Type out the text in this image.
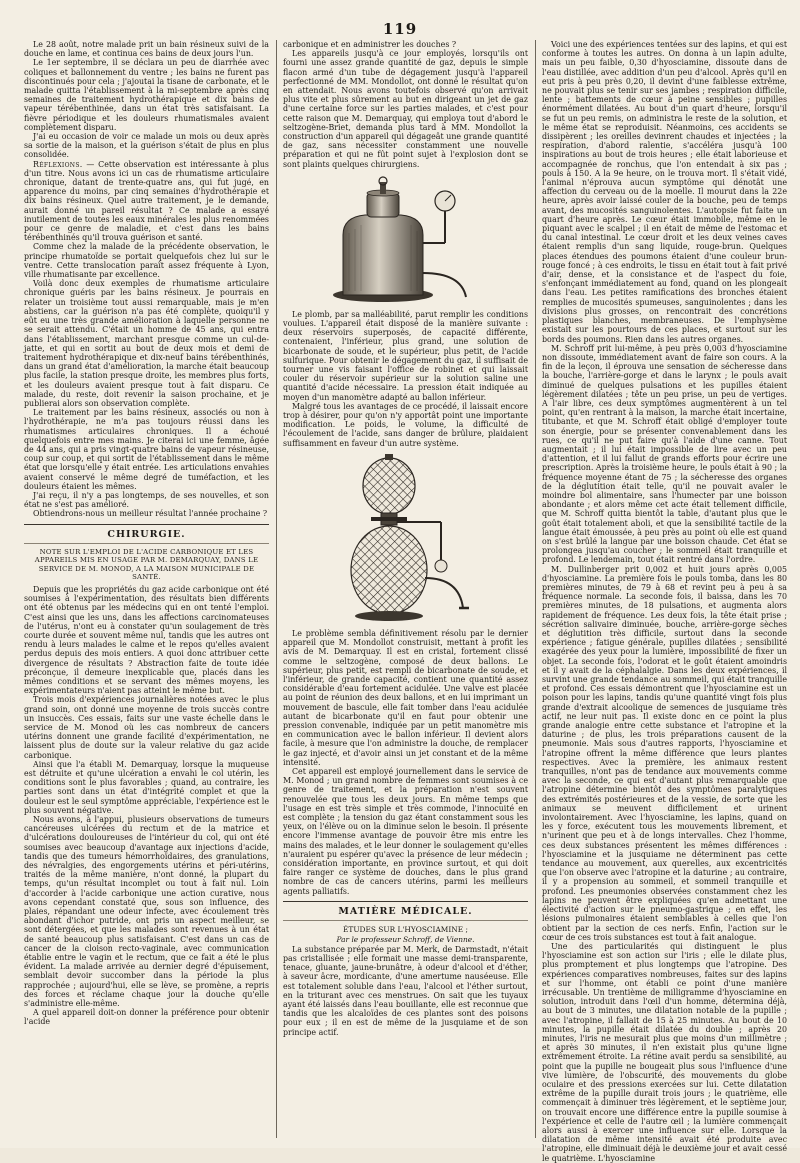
119

Le 28 août, notre malade prit un bain résineux suivi de la douche en lame, et continua ces bains de deux jours l'un.

Le 1er septembre, il se déclara un peu de diarrhée avec coliques et ballonnement du ventre ; les bains ne furent pas discontinués pour cela ; j'ajoutai la tisane de carbonate, et le malade quitta l'établissement à la mi-septembre après cinq semaines de traitement hydrothérapique et dix bains de vapeur térébenthinée, dans un état très satisfaisant. La fièvre périodique et les douleurs rhumatismales avaient complètement disparu.

J'ai eu occasion de voir ce malade un mois ou deux après sa sortie de la maison, et la guérison s'était de plus en plus consolidée.

Réflexions. — Cette observation est intéressante à plus d'un titre. Nous avons ici un cas de rhumatisme articulaire chronique, datant de trente-quatre ans, qui fut jugé, en apparence du moins, par cinq semaines d'hydrothérapie et dix bains résineux. Quel autre traitement, je le demande, aurait donné un pareil résultat ? Ce malade a essayé inutilement de toutes les eaux minérales les plus renommées pour ce genre de maladie, et c'est dans les bains térébenthinés qu'il trouva guérison et santé.

Comme chez la malade de la précédente observation, le principe rhumatoïde se portait quelquefois chez lui sur le ventre. Cette translocation paraît assez fréquente à Lyon, ville rhumatisante par excellence.

Voilà donc deux exemples de rhumatisme articulaire chronique guéris par les bains résineux. Je pourrais en relater un troisième tout aussi remarquable, mais je m'en abstiens, car la guérison n'a pas été complète, quoiqu'il y eût eu une très grande amélioration à laquelle personne ne se serait attendu. C'était un homme de 45 ans, qui entra dans l'établissement, marchant presque comme un cul-de-jatte, et qui en sortit au bout de deux mois et demi de traitement hydrothérapique et dix-neuf bains térébenthinés, dans un grand état d'amélioration, la marche était beaucoup plus facile, la station presque droite, les membres plus forts, et les douleurs avaient presque tout à fait disparu. Ce malade, du reste, doit revenir la saison prochaine, et je publierai alors son observation complète.

Le traitement par les bains résineux, associés ou non à l'hydrothérapie, ne m'a pas toujours réussi dans les rhumatismes articulaires chroniques. Il a échoué quelquefois entre mes mains. Je citerai ici une femme, âgée de 44 ans, qui a pris vingt-quatre bains de vapeur résineuse, coup sur coup, et qui sortit de l'établissement dans le même état que lorsqu'elle y était entrée. Les articulations envahies avaient conservé le même degré de tuméfaction, et les douleurs étaient les mêmes.

J'ai reçu, il n'y a pas longtemps, de ses nouvelles, et son état ne s'est pas amélioré.

Obtiendrons-nous un meilleur résultat l'année prochaine ?

CHIRURGIE.
NOTE SUR L'EMPLOI DE L'ACIDE CARBONIQUE ET LES APPAREILS MIS EN USAGE PAR M. DEMARQUAY, DANS LE SERVICE DE M. MONOD, A LA MAISON MUNICIPALE DE SANTÉ.

Depuis que les propriétés du gaz acide carbonique ont été soumises à l'expérimentation, des résultats bien différents ont été obtenus par les médecins qui en ont tenté l'emploi. C'est ainsi que les uns, dans les affections carcinomateuses de l'utérus, n'ont eu à constater qu'un soulagement de très courte durée et souvent même nul, tandis que les autres ont rendu à leurs malades le calme et le repos qu'elles avaient perdus depuis des mois entiers. A quoi donc attribuer cette divergence de résultats ? Abstraction faite de toute idée préconçue, il demeure inexplicable que, placés dans les mêmes conditions et se servant des mêmes moyens, les expérimentateurs n'aient pas atteint le même but.

Trois mois d'expériences journalières notées avec le plus grand soin, ont donné une moyenne de trois succès contre un insuccès. Ces essais, faits sur une vaste échelle dans le service de M. Monod où les cas nombreux de cancers utérins donnent une grande facilité d'expérimentation, ne laissent plus de doute sur la valeur relative du gaz acide carbonique.

Ainsi que l'a établi M. Demarquay, lorsque la muqueuse est détruite et qu'une ulcération a envahi le col utérin, les conditions sont le plus favorables ; quand, au contraire, les parties sont dans un état d'intégrité complet et que la douleur est le seul symptôme appréciable, l'expérience est le plus souvent négative.

Nous avons, à l'appui, plusieurs observations de tumeurs cancéreuses ulcérées du rectum et de la matrice et d'ulcérations douloureuses de l'intérieur du col, qui ont été soumises avec beaucoup d'avantage aux injections d'acide, tandis que des tumeurs hémorrhoïdaires, des granulations, des névralgies, des engorgements utérins et péri-utérins, traités de la même manière, n'ont donné, la plupart du temps, qu'un résultat incomplet ou tout à fait nul. Loin d'accorder à l'acide carbonique une action curative, nous avons cependant constaté que, sous son influence, des plaies, répandant une odeur infecte, avec écoulement très abondant d'ichor putride, ont pris un aspect meilleur, se sont détergées, et que les malades sont revenues à un état de santé beaucoup plus satisfaisant. C'est dans un cas de cancer de la cloison recto-vaginale, avec communication établie entre le vagin et le rectum, que ce fait a été le plus évident. La malade arrivée au dernier degré d'épuisement, semblait devoir succomber dans la période la plus rapprochée ; aujourd'hui, elle se lève, se promène, a repris des forces et réclame chaque jour la douche qu'elle s'administre elle-même.

A quel appareil doit-on donner la préférence pour obtenir l'acide

carbonique et en administrer les douches ?

Les appareils jusqu'à ce jour employés, lorsqu'ils ont fourni une assez grande quantité de gaz, depuis le simple flacon armé d'un tube de dégagement jusqu'à l'appareil perfectionné de MM. Mondollot, ont donné le résultat qu'on en attendait. Nous avons toutefois observé qu'on arrivait plus vite et plus sûrement au but en dirigeant un jet de gaz d'une certaine force sur les parties malades, et c'est pour cette raison que M. Demarquay, qui employa tout d'abord le seltzogène-Briet, demanda plus tard à MM. Mondollot la construction d'un appareil qui dégageât une grande quantité de gaz, sans nécessiter constamment une nouvelle préparation et qui ne fût point sujet à l'explosion dont se sont plaints quelques chirurgiens.

Le plomb, par sa malléabilité, parut remplir les conditions voulues. L'appareil était disposé de la manière suivante : deux réservoirs superposés, de capacité différente, contenaient, l'inférieur, plus grand, une solution de bicarbonate de soude, et le supérieur, plus petit, de l'acide sulfurique. Pour obtenir le dégagement du gaz, il suffisait de tourner une vis faisant l'office de robinet et qui laissait couler du réservoir supérieur sur la solution saline une quantité d'acide nécessaire. La pression était indiquée au moyen d'un manomètre adapté au ballon inférieur.

Malgré tous les avantages de ce procédé, il laissait encore trop à désirer, pour qu'on n'y apportât point une importante modification. Le poids, le volume, la difficulté de l'écoulement de l'acide, sans danger de brûlure, plaidaient suffisamment en faveur d'un autre système.

Le problème sembla définitivement résolu par le dernier appareil que M. Mondollot construisit, mettant à profit les avis de M. Demarquay. Il est en cristal, fortement clissé comme le seltzogène, composé de deux ballons. Le supérieur, plus petit, est rempli de bicarbonate de soude, et l'inférieur, de grande capacité, contient une quantité assez considérable d'eau fortement acidulée. Une valve est placée au point de réunion des deux ballons, et en lui imprimant un mouvement de bascule, elle fait tomber dans l'eau acidulée autant de bicarbonate qu'il en faut pour obtenir une pression convenable, indiquée par un petit manomètre mis en communication avec le ballon inférieur. Il devient alors facile, à mesure que l'on administre la douche, de remplacer le gaz injecté, et d'avoir ainsi un jet constant et de la même intensité.

Cet appareil est employé journellement dans le service de M. Monod ; un grand nombre de femmes sont soumises à ce genre de traitement, et la préparation n'est souvent renouvelée que tous les deux jours. En même temps que l'usage en est très simple et très commode, l'innocuité en est complète ; la tension du gaz étant constamment sous les yeux, on l'élève ou on la diminue selon le besoin. Il présente encore l'immense avantage de pouvoir être mis entre les mains des malades, et le leur donner le soulagement qu'elles n'auraient pu espérer qu'avec la présence de leur médecin ; considération importante, en province surtout, et qui doit faire ranger ce système de douches, dans le plus grand nombre de cas de cancers utérins, parmi les meilleurs agents palliatifs.

MATIÈRE MÉDICALE.
ÉTUDES SUR L'HYOSCIAMINE ;
Par le professeur Schroff, de Vienne.

La substance préparée par M. Merk, de Darmstadt, n'était pas cristallisée ; elle formait une masse demi-transparente, tenace, gluante, jaune-brunâtre, à odeur d'alcool et d'éther, à saveur âcre, mordicante, d'une amertume nauséeuse. Elle est totalement soluble dans l'eau, l'alcool et l'éther surtout, en la triturant avec ces menstrues. On sait que les tuyaux ayant été laissés dans l'eau bouillante, elle est reconnue que tandis que les alcaloïdes de ces plantes sont des poisons pour eux ; il en est de même de la jusquiame et de son principe actif.

Voici une des expériences tentées sur des lapins, et qui est conforme à toutes les autres. On donna à un lapin adulte, mais un peu faible, 0,30 d'hyosciamine, dissoute dans de l'eau distillée, avec addition d'un peu d'alcool. Après qu'il en eut pris à peu près 0,20, il devint d'une faiblesse extrême, ne pouvait plus se tenir sur ses jambes ; respiration difficile, lente ; battements de cœur à peine sensibles ; pupilles énormément dilatées. Au bout d'un quart d'heure, lorsqu'il se fut un peu remis, on administra le reste de la solution, et le même état se reproduisit. Néanmoins, ces accidents se dissipèrent ; les oreilles devinrent chaudes et injectées ; la respiration, d'abord ralentie, s'accéléra jusqu'à 100 inspirations au bout de trois heures ; elle était laborieuse et accompagnée de ronchus, que l'on entendait à six pas ; pouls à 150. A la 9e heure, on le trouva mort. Il s'était vidé, l'animal n'éprouva aucun symptôme qui dénotât une affection du cerveau ou de la moelle. Il mourut dans la 22e heure, après avoir laissé couler de la bouche, peu de temps avant, des mucosités sanguinolentes. L'autopsie fut faite un quart d'heure après. Le cœur était immobile, même en le piquant avec le scalpel ; il en était de même de l'estomac et du canal intestinal. Le cœur droit et les deux veines caves étaient remplis d'un sang liquide, rouge-brun. Quelques places étendues des poumons étaient d'une couleur brun-rouge foncé ; à ces endroits, le tissu en était tout à fait privé d'air, dense, et la consistance et de l'aspect du foie, s'enfonçant immédiatement au fond, quand on les plongeait dans l'eau. Les petites ramifications des bronches étaient remplies de mucosités spumeuses, sanguinolentes ; dans les divisions plus grosses, on rencontrait des concrétions plastiques blanches, membraneuses. De l'emphysème existait sur les pourtours de ces places, et surtout sur les bords des poumons. Rien dans les autres organes.

M. Schroff prit lui-même, à peu près 0,003 d'hyosciamine non dissoute, immédiatement avant de faire son cours. A la fin de la leçon, il éprouva une sensation de sécheresse dans la bouche, l'arrière-gorge et dans le larynx ; le pouls avait diminué de quelques pulsations et les pupilles étaient légèrement dilatées ; tête un peu prise, un peu de vertiges. A l'air libre, ces deux symptômes augmentèrent à un tel point, qu'en rentrant à la maison, la marche était incertaine, titubante, et que M. Schroff était obligé d'employer toute son énergie, pour se présenter convenablement dans les rues, ce qu'il ne put faire qu'à l'aide d'une canne. Tout augmentait ; il lui était impossible de lire avec un peu d'attention, et il lui fallut de grands efforts pour écrire une prescription. Après la troisième heure, le pouls était à 90 ; la fréquence moyenne étant de 75 ; la sécheresse des organes de la déglutition était telle, qu'il ne pouvait avaler le moindre bol alimentaire, sans l'humecter par une boisson abondante ; et alors même cet acte était tellement difficile, que M. Schroff quitta bientôt la table, d'autant plus que le goût était totalement aboli, et que la sensibilité tactile de la langue était émoussée, à peu près au point où elle est quand on s'est brûlé la langue par une boisson chaude. Cet état se prolongea jusqu'au coucher ; le sommeil était tranquille et profond. Le lendemain, tout était rentré dans l'ordre.

M. Dullinberger prit 0,002 et huit jours après 0,005 d'hyosciamine. La première fois le pouls tomba, dans les 80 premières minutes, de 79 à 68 et revint peu à peu à sa fréquence normale. La seconde fois, il baissa, dans les 70 premières minutes, de 18 pulsations, et augmenta alors rapidement de fréquence. Les deux fois, la tête était prise ; sécrétion salivaire diminuée, bouche, arrière-gorge sèches et déglutition très difficile, surtout dans la seconde expérience ; fatigue générale, pupilles dilatées ; sensibilité exagérée des yeux pour la lumière, impossibilité de fixer un objet. La seconde fois, l'odorat et le goût étaient amoindris et il y avait de la céphalalgie. Dans les deux expériences, il survint une grande tendance au sommeil, qui était tranquille et profond. Ces essais démontrent que l'hyosciamine est un poison pour les lapins, tandis qu'une quantité vingt fois plus grande d'extrait alcoolique de semences de jusquiame très actif, ne leur nuit pas. Il existe donc en ce point la plus grande analogie entre cette substance et l'atropine et la daturine ; de plus, les trois préparations causent de la pneumonie. Mais sous d'autres rapports, l'hyosciamine et l'atropine offrent la même différence que leurs plantes respectives. Avec la première, les animaux restent tranquilles, n'ont pas de tendance aux mouvements comme avec la seconde, ce qui est d'autant plus remarquable que l'atropine détermine bientôt des symptômes paralytiques des extrémités postérieures et de la vessie, de sorte que les animaux se meuvent difficilement et urinent involontairement. Avec l'hyosciamine, les lapins, quand on les y force, exécutent tous les mouvements librement, et n'urinent que peu et à de longs intervalles. Chez l'homme, ces deux substances présentent les mêmes différences : l'hyosciamine et la jusquiame ne déterminent pas cette tendance au mouvement, aux querelles, aux excentricités que l'on observe avec l'atropine et la daturine ; au contraire, il y a propension au sommeil, et sommeil tranquille et profond. Les pneumonies observées constamment chez les lapins ne peuvent être expliquées qu'en admettant une électivité d'action sur le pneumo-gastrique ; en effet, les lésions pulmonaires étaient semblables à celles que l'on obtient par la section de ces nerfs. Enfin, l'action sur le cœur de ces trois substances est tout à fait analogue.

Une des particularités qui distinguent le plus l'hyosciamine est son action sur l'iris ; elle le dilate plus, plus promptement et plus longtemps que l'atropine. Des expériences comparatives nombreuses, faites sur des lapins et sur l'homme, ont établi ce point d'une manière irrécusable. Un trentième de milligramme d'hyosciamine en solution, introduit dans l'œil d'un homme, détermina déjà, au bout de 3 minutes, une dilatation notable de la pupille ; avec l'atropine, il fallait de 15 à 25 minutes. Au bout de 10 minutes, la pupille était dilatée du double ; après 20 minutes, l'iris ne mesurait plus que moins d'un millimètre ; et après 30 minutes, il n'en existait plus qu'une ligne extrêmement étroite. La rétine avait perdu sa sensibilité, au point que la pupille ne bougeait plus sous l'influence d'une vive lumière, de l'obscurité, des mouvements du globe oculaire et des pressions exercées sur lui. Cette dilatation extrême de la pupille durait trois jours ; le quatrième, elle commençait à diminuer très légèrement, et le septième jour, on trouvait encore une différence entre la pupille soumise à l'expérience et celle de l'autre œil ; la lumière commençait alors aussi à exercer une influence sur elle. Lorsque la dilatation de même intensité avait été produite avec l'atropine, elle diminuait déjà le deuxième jour et avait cessé le quatrième. L'hyosciamine
